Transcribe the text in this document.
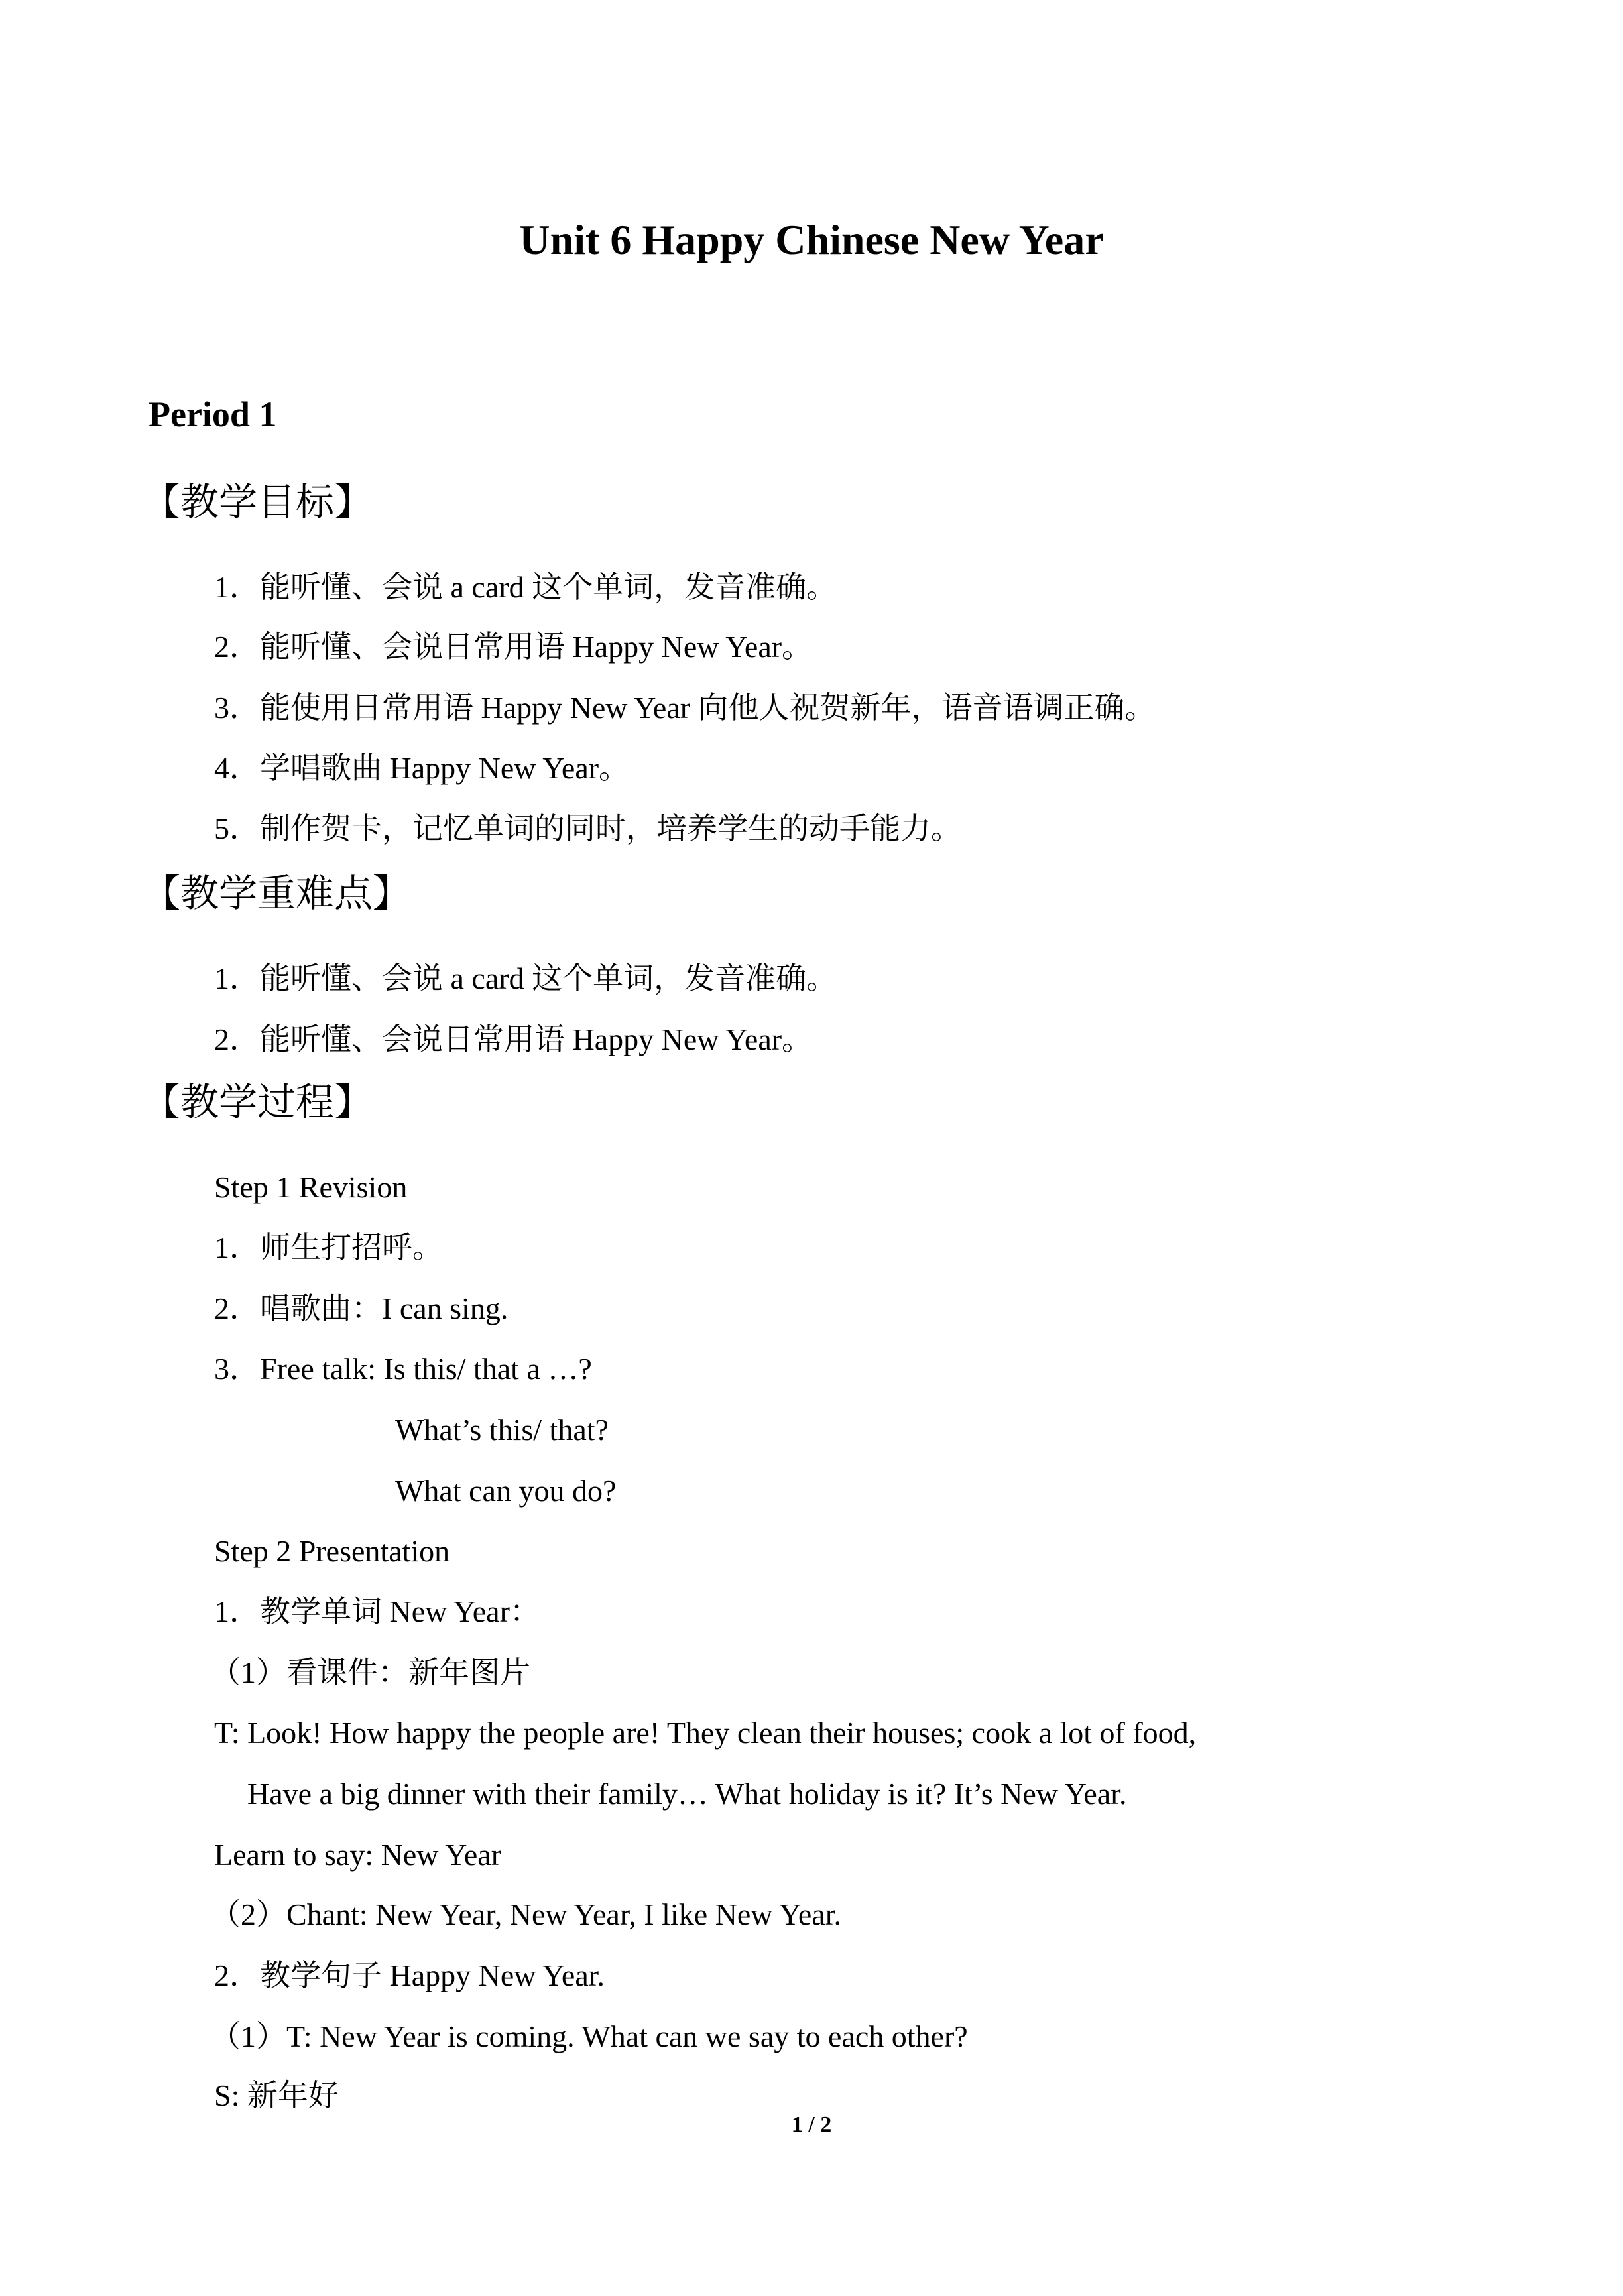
Unit 6 Happy Chinese New Year
Period 1
【教学目标】
1．能听懂、会说 a card 这个单词，发音准确。
2．能听懂、会说日常用语 Happy New Year。
3．能使用日常用语 Happy New Year 向他人祝贺新年，语音语调正确。
4．学唱歌曲 Happy New Year。
5．制作贺卡，记忆单词的同时，培养学生的动手能力。
【教学重难点】
1．能听懂、会说 a card 这个单词，发音准确。
2．能听懂、会说日常用语 Happy New Year。
【教学过程】
Step 1 Revision
1．师生打招呼。
2．唱歌曲：I can sing.
3．Free talk: Is this/ that a …?
What’s this/ that?
What can you do?
Step 2 Presentation
1．教学单词 New Year：
（1）看课件：新年图片
T: Look! How happy the people are! They clean their houses; cook a lot of food,
Have a big dinner with their family… What holiday is it? It’s New Year.
Learn to say: New Year
（2）Chant: New Year, New Year, I like New Year.
2．教学句子 Happy New Year.
（1）T: New Year is coming. What can we say to each other?
S: 新年好
1 / 2
